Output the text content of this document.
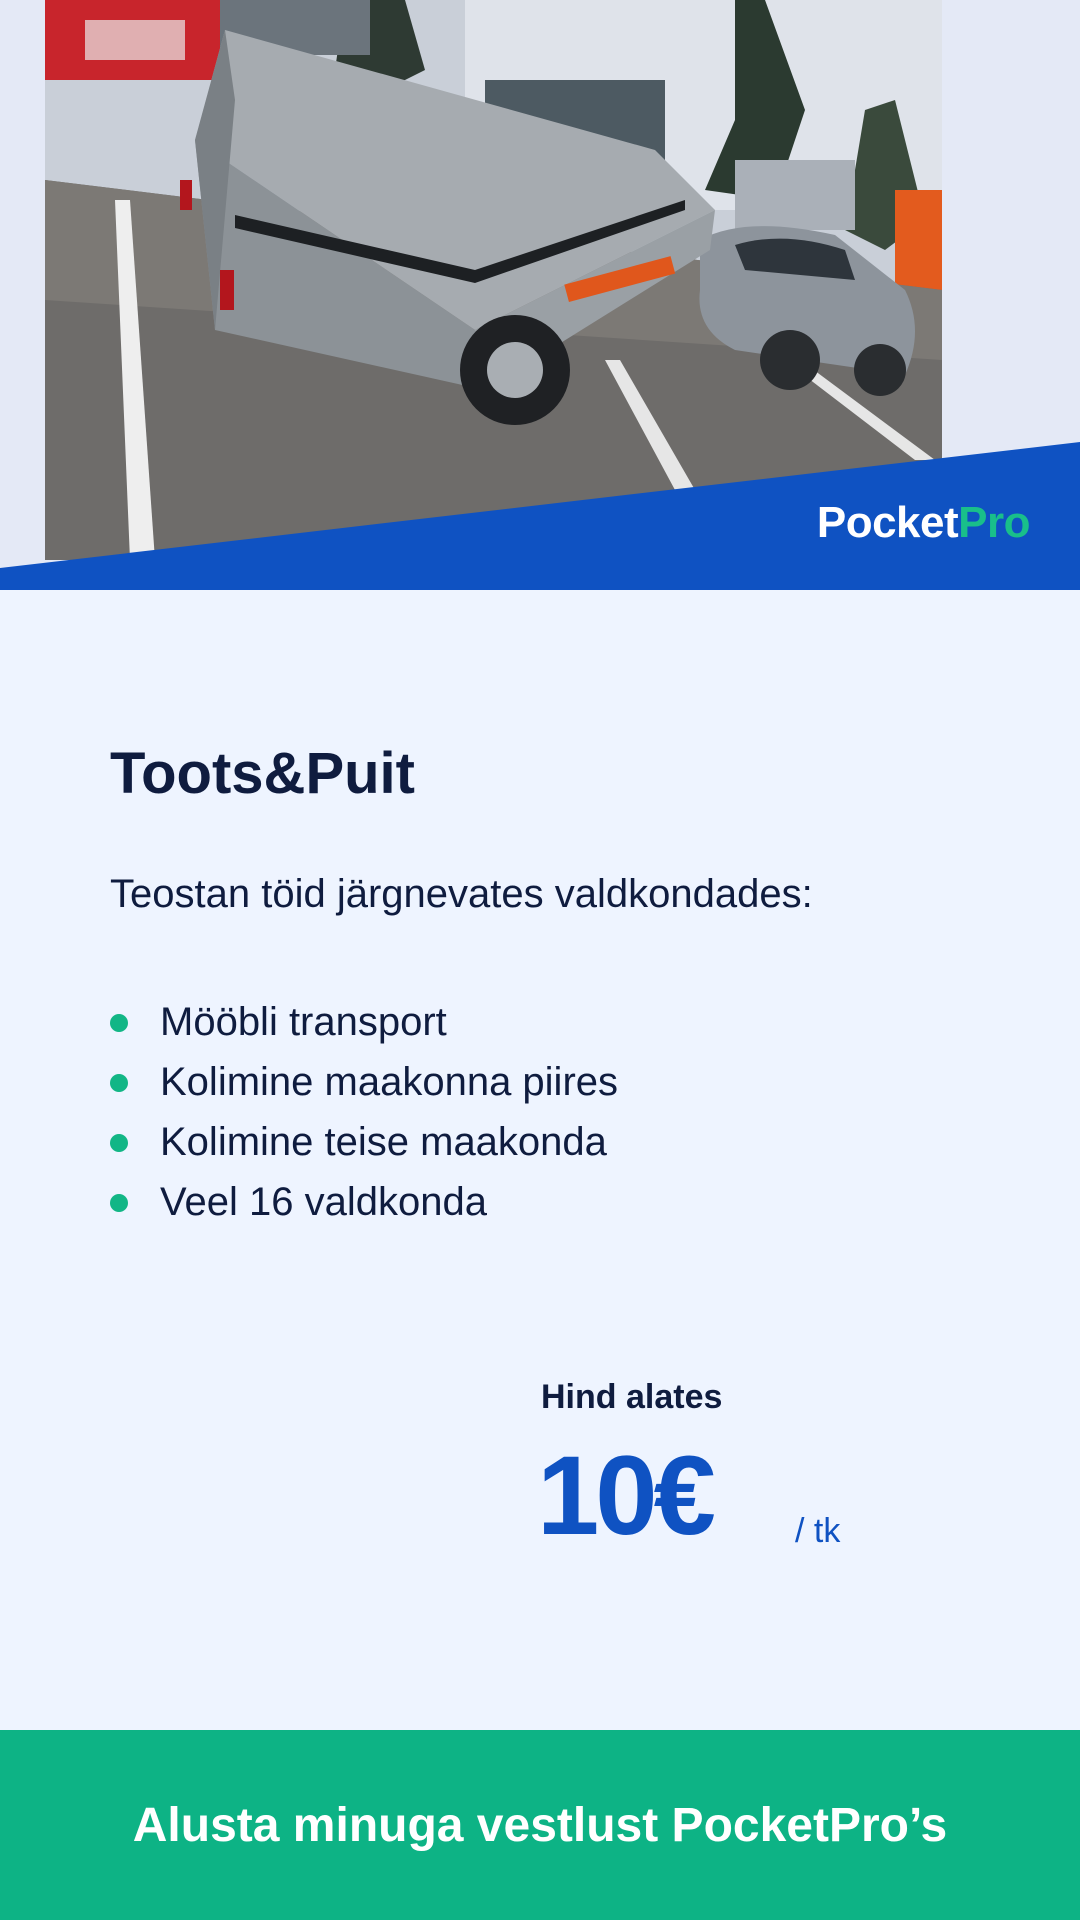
PocketPro
Toots&Puit
Teostan töid järgnevates valdkondades:
Mööbli transport
Kolimine maakonna piires
Kolimine teise maakonda
Veel 16 valdkonda
Hind alates
10€ / tk
Alusta minuga vestlust PocketPro’s
